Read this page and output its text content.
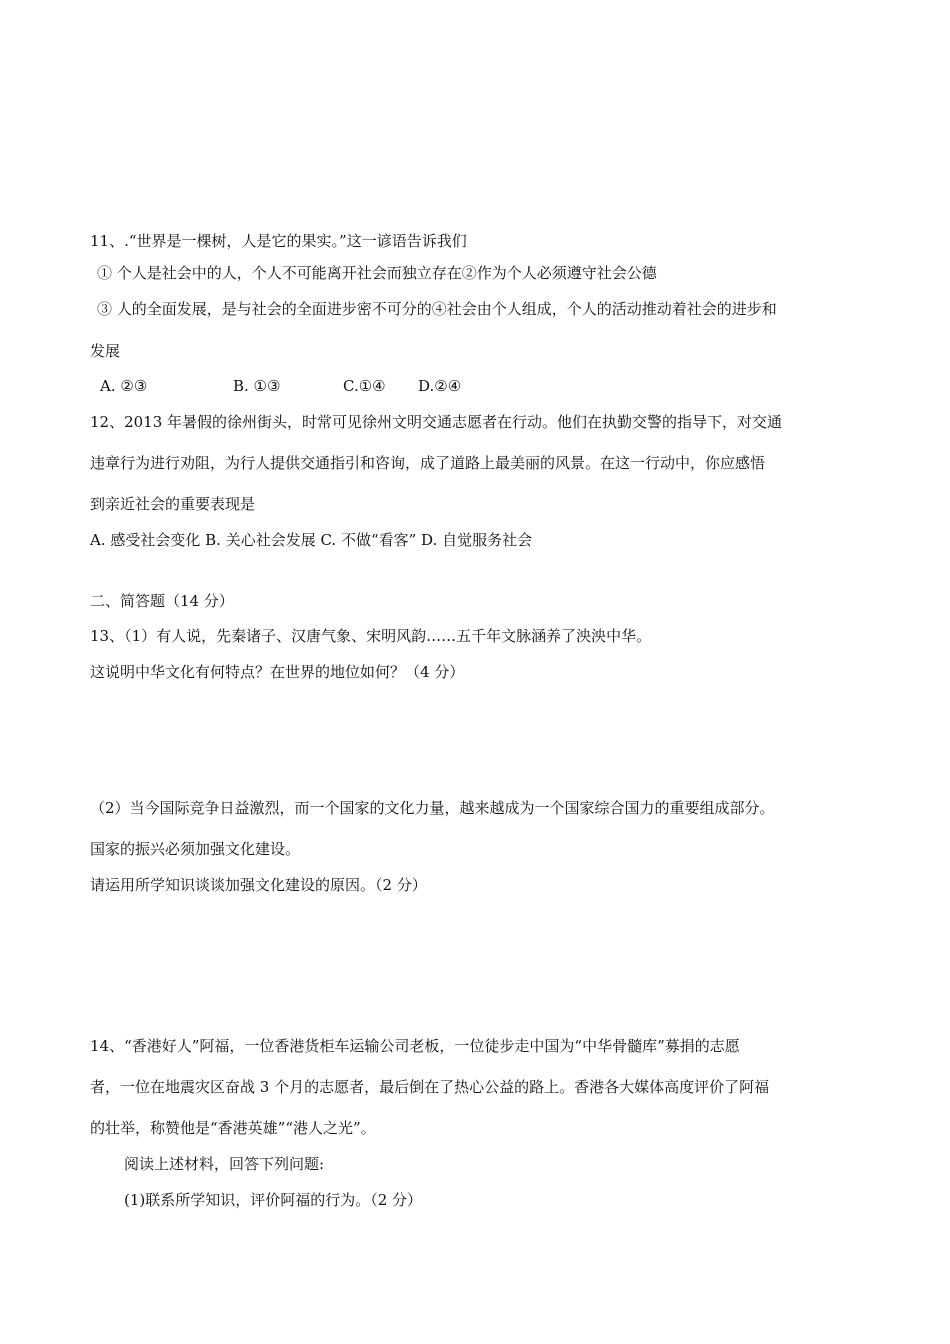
11、.“世界是一棵树，人是它的果实。”这一谚语告诉我们
① 个人是社会中的人，个人不可能离开社会而独立存在②作为个人必须遵守社会公德
③ 人的全面发展，是与社会的全面进步密不可分的④社会由个人组成，个人的活动推动着社会的进步和
发展
A. ②③	B. ①③	C.①④ D.②④
12、2013 年暑假的徐州街头，时常可见徐州文明交通志愿者在行动。他们在执勤交警的指导下，对交通
违章行为进行劝阻，为行人提供交通指引和咨询，成了道路上最美丽的风景。在这一行动中，你应感悟
到亲近社会的重要表现是
A. 感受社会变化 B. 关心社会发展 C. 不做“看客” D. 自觉服务社会
二、简答题（14 分）
13、（1）有人说，先秦诸子、汉唐气象、宋明风韵……五千年文脉涵养了泱泱中华。
这说明中华文化有何特点？在世界的地位如何？（4 分）
（2）当今国际竞争日益激烈，而一个国家的文化力量，越来越成为一个国家综合国力的重要组成部分。
国家的振兴必须加强文化建设。
请运用所学知识谈谈加强文化建设的原因。（2 分）
14、“香港好人”阿福，一位香港货柜车运输公司老板，一位徒步走中国为“中华骨髓库”募捐的志愿
者，一位在地震灾区奋战 3 个月的志愿者，最后倒在了热心公益的路上。香港各大媒体高度评价了阿福
的壮举，称赞他是“香港英雄”“港人之光”。
阅读上述材料，回答下列问题:
(1)联系所学知识，评价阿福的行为。（2 分）
